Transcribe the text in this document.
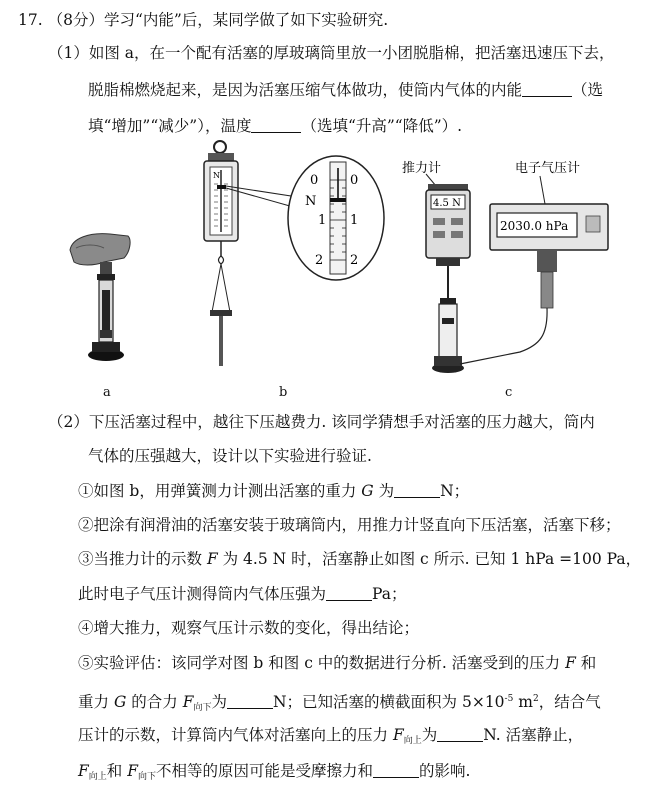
17. （8分）学习“内能”后，某同学做了如下实验研究.
（1）如图 a，在一个配有活塞的厚玻璃筒里放一小团脱脂棉，把活塞迅速压下去，
脱脂棉燃烧起来，是因为活塞压缩气体做功，使筒内气体的内能	（选
填“增加”“减少”），温度	（选填“升高”“降低”）.
N	0
N
1
2
0
1
2
推力计
4.5 N
电子气压计
2030.0 hPa
a	b	c
（2）下压活塞过程中，越往下压越费力. 该同学猜想手对活塞的压力越大，筒内
气体的压强越大，设计以下实验进行验证.
①如图 b，用弹簧测力计测出活塞的重力 G 为	N；
②把涂有润滑油的活塞安装于玻璃筒内，用推力计竖直向下压活塞，活塞下移；
③当推力计的示数 F 为 4.5 N 时，活塞静止如图 c 所示. 已知 1 hPa =100 Pa，
此时电子气压计测得筒内气体压强为	Pa；
④增大推力，观察气压计示数的变化，得出结论；
⑤实验评估：该同学对图 b 和图 c 中的数据进行分析. 活塞受到的压力 F 和
重力 G 的合力 $F_{向下}$为	N；已知活塞的横截面积为 $5\times 10^{-5}$ $m^2$，结合气
压计的示数，计算筒内气体对活塞向上的压力 $F_{向上}$为	N. 活塞静止，
$F_{向上}$和 $F_{向下}$不相等的原因可能是受摩擦力和	的影响.
